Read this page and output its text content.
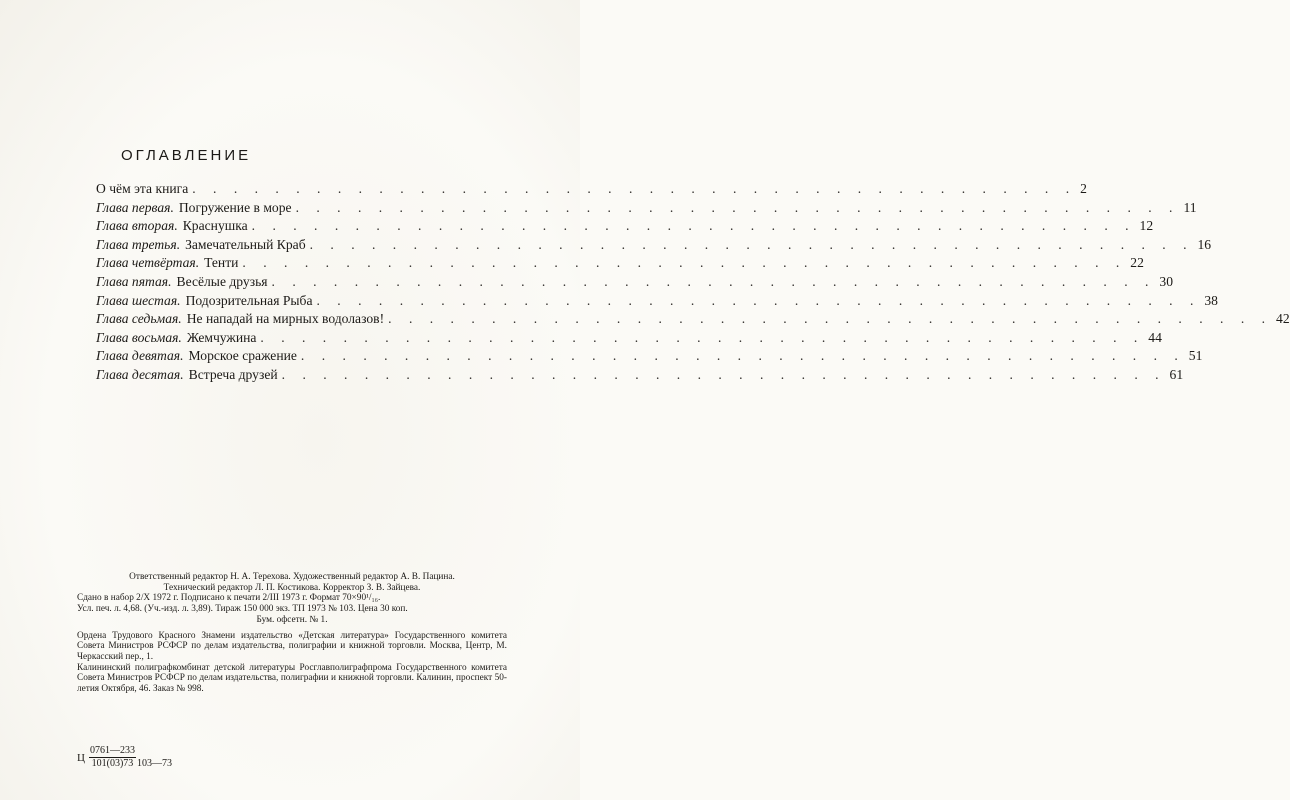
ОГЛАВЛЕНИЕ
О чём эта книга . . . . . . . . . . . . . . . . . . . . . . . . . . . . . . . . . . . . . . . . . . . 2
Глава первая. Погружение в море . . . . . . . . . . . . . . . . . . . . . . . . . . . . . . . . . . . . . . . . . . . 11
Глава вторая. Краснушка . . . . . . . . . . . . . . . . . . . . . . . . . . . . . . . . . . . . . . . . . . . 12
Глава третья. Замечательный Краб . . . . . . . . . . . . . . . . . . . . . . . . . . . . . . . . . . . . . . . . . . . 16
Глава четвёртая. Тенти . . . . . . . . . . . . . . . . . . . . . . . . . . . . . . . . . . . . . . . . . . . 22
Глава пятая. Весёлые друзья . . . . . . . . . . . . . . . . . . . . . . . . . . . . . . . . . . . . . . . . . . . 30
Глава шестая. Подозрительная Рыба . . . . . . . . . . . . . . . . . . . . . . . . . . . . . . . . . . . . . . . . . . . 38
Глава седьмая. Не нападай на мирных водолазов! . . . . . . . . . . . . . . . . . . . . . . . . . . . . . . . . . . . . . . . . . . . 42
Глава восьмая. Жемчужина . . . . . . . . . . . . . . . . . . . . . . . . . . . . . . . . . . . . . . . . . . . 44
Глава девятая. Морское сражение . . . . . . . . . . . . . . . . . . . . . . . . . . . . . . . . . . . . . . . . . . . 51
Глава десятая. Встреча друзей . . . . . . . . . . . . . . . . . . . . . . . . . . . . . . . . . . . . . . . . . . . 61

Ответственный редактор Н. А. Терехова. Художественный редактор А. В. Пацина.

Технический редактор Л. П. Костикова. Корректор З. В. Зайцева.

Сдано в набор 2/X 1972 г. Подписано к печати 2/III 1973 г. Формат 70×90¹/₁₆.

Усл. печ. л. 4,68. (Уч.-изд. л. 3,89). Тираж 150 000 экз. ТП 1973 № 103. Цена 30 коп.

Бум. офсетн. № 1.

Ордена Трудового Красного Знамени издательство «Детская литература» Государственного комитета Совета Министров РСФСР по делам издательства, полиграфии и книжной торговли. Москва, Центр, М. Черкасский пер., 1.

Калининский полиграфкомбинат детской литературы Росглавполиграфпрома Государственного комитета Совета Министров РСФСР по делам издательства, полиграфии и книжной торговли. Калинин, проспект 50-летия Октября, 46. Заказ № 998.

Ц $\frac{0761—233}{101(03)73}$ 103—73
